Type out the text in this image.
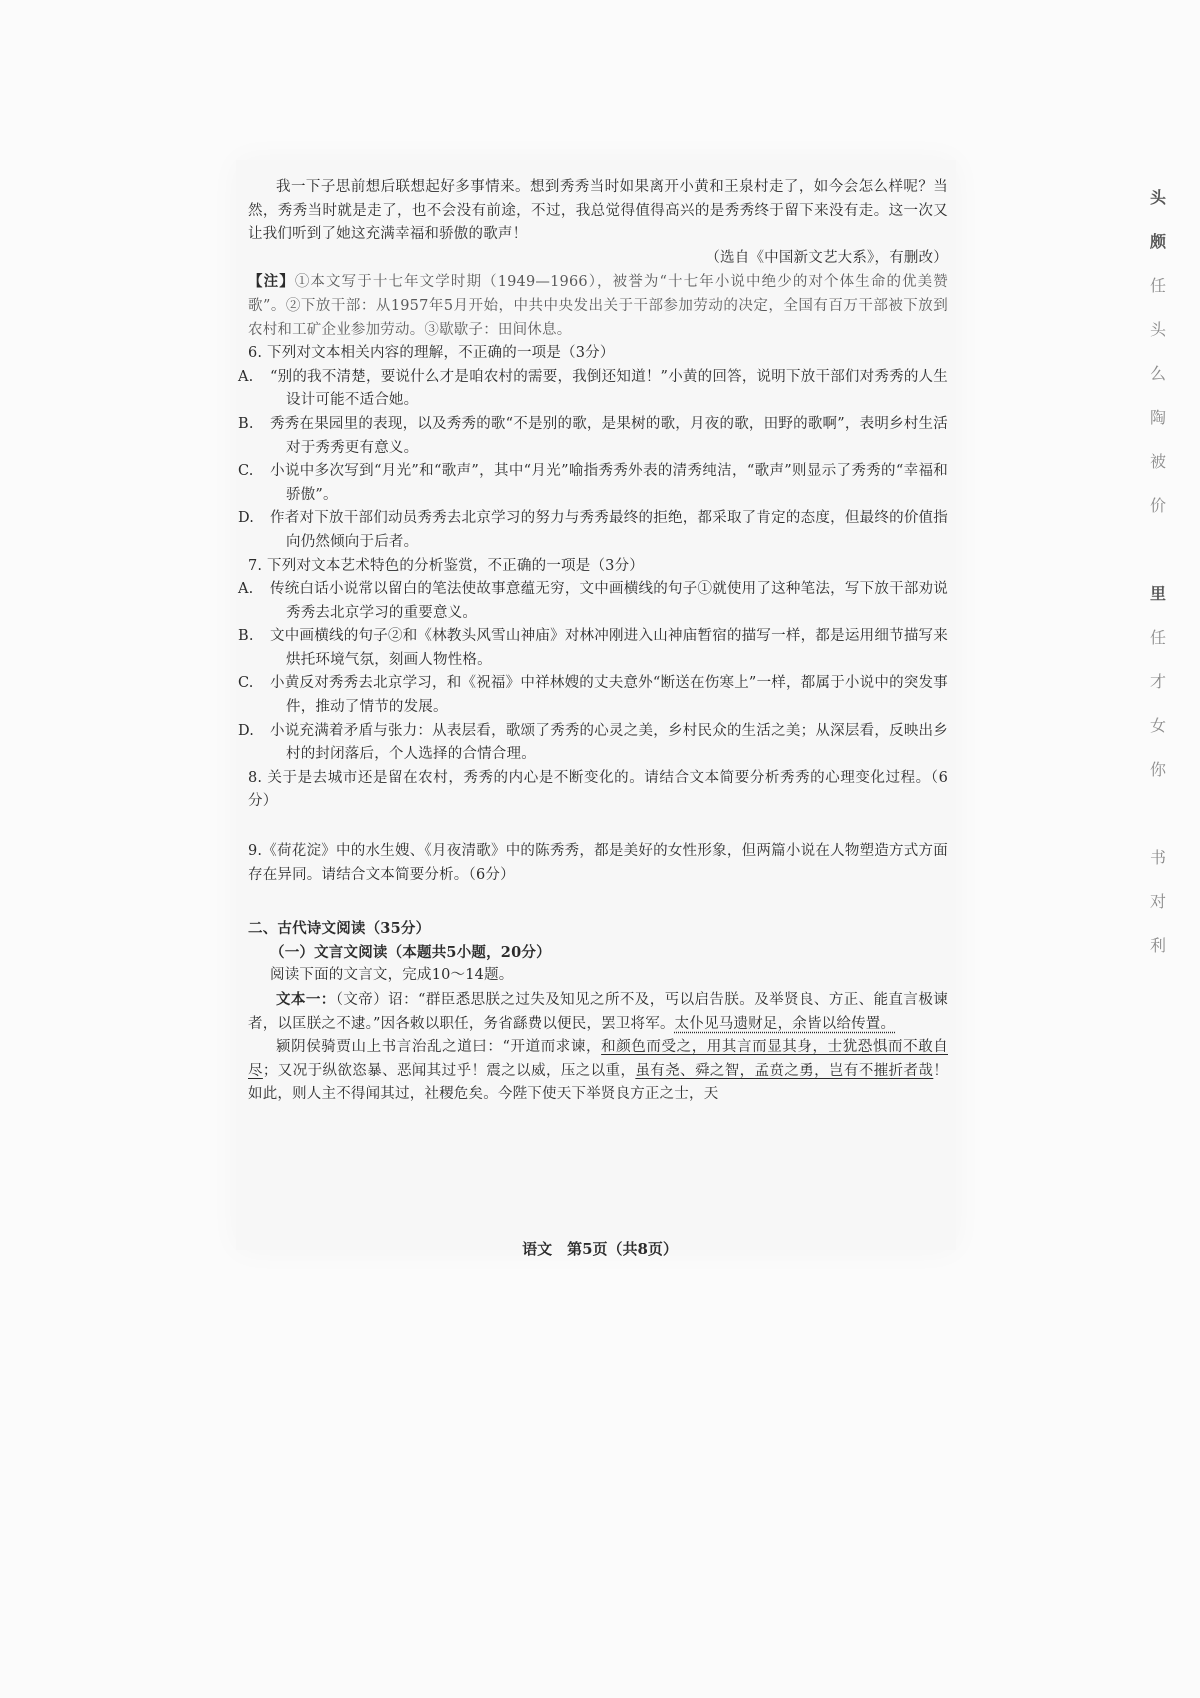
我一下子思前想后联想起好多事情来。想到秀秀当时如果离开小黄和王泉村走了，如今会怎么样呢？当然，秀秀当时就是走了，也不会没有前途，不过，我总觉得值得高兴的是秀秀终于留下来没有走。这一次又让我们听到了她这充满幸福和骄傲的歌声！

（选自《中国新文艺大系》，有删改）

【注】①本文写于十七年文学时期（1949—1966），被誉为“十七年小说中绝少的对个体生命的优美赞歌”。②下放干部：从1957年5月开始，中共中央发出关于干部参加劳动的决定，全国有百万干部被下放到农村和工矿企业参加劳动。③歇歇子：田间休息。

6. 下列对文本相关内容的理解，不正确的一项是（3分）

A. “别的我不清楚，要说什么才是咱农村的需要，我倒还知道！”小黄的回答，说明下放干部们对秀秀的人生设计可能不适合她。

B. 秀秀在果园里的表现，以及秀秀的歌“不是别的歌，是果树的歌，月夜的歌，田野的歌啊”，表明乡村生活对于秀秀更有意义。

C. 小说中多次写到“月光”和“歌声”，其中“月光”喻指秀秀外表的清秀纯洁，“歌声”则显示了秀秀的“幸福和骄傲”。

D. 作者对下放干部们动员秀秀去北京学习的努力与秀秀最终的拒绝，都采取了肯定的态度，但最终的价值指向仍然倾向于后者。

7. 下列对文本艺术特色的分析鉴赏，不正确的一项是（3分）

A. 传统白话小说常以留白的笔法使故事意蕴无穷，文中画横线的句子①就使用了这种笔法，写下放干部劝说秀秀去北京学习的重要意义。

B. 文中画横线的句子②和《林教头风雪山神庙》对林冲刚进入山神庙暂宿的描写一样，都是运用细节描写来烘托环境气氛，刻画人物性格。

C. 小黄反对秀秀去北京学习，和《祝福》中祥林嫂的丈夫意外“断送在伤寒上”一样，都属于小说中的突发事件，推动了情节的发展。

D. 小说充满着矛盾与张力：从表层看，歌颂了秀秀的心灵之美，乡村民众的生活之美；从深层看，反映出乡村的封闭落后，个人选择的合情合理。

8. 关于是去城市还是留在农村，秀秀的内心是不断变化的。请结合文本简要分析秀秀的心理变化过程。（6分）

9.《荷花淀》中的水生嫂、《月夜清歌》中的陈秀秀，都是美好的女性形象，但两篇小说在人物塑造方式方面存在异同。请结合文本简要分析。（6分）

二、古代诗文阅读（35分）

（一）文言文阅读（本题共5小题，20分）

阅读下面的文言文，完成10～14题。

文本一：（文帝）诏：“群臣悉思朕之过失及知见之所不及，丐以启告朕。及举贤良、方正、能直言极谏者，以匡朕之不逮。”因各敕以职任，务省繇费以便民，罢卫将军。太仆见马遗财足，余皆以给传置。

颍阴侯骑贾山上书言治乱之道曰：“开道而求谏，和颜色而受之，用其言而显其身，士犹恐惧而不敢自尽；又况于纵欲恣暴、恶闻其过乎！震之以威，压之以重，虽有尧、舜之智，孟贲之勇，岂有不摧折者哉！如此，则人主不得闻其过，社稷危矣。今陛下使天下举贤良方正之士，天

语文　第5页（共8页）
头
颇
任
头
么
陶
被
价
里
任
才
女
你
书
对
利
